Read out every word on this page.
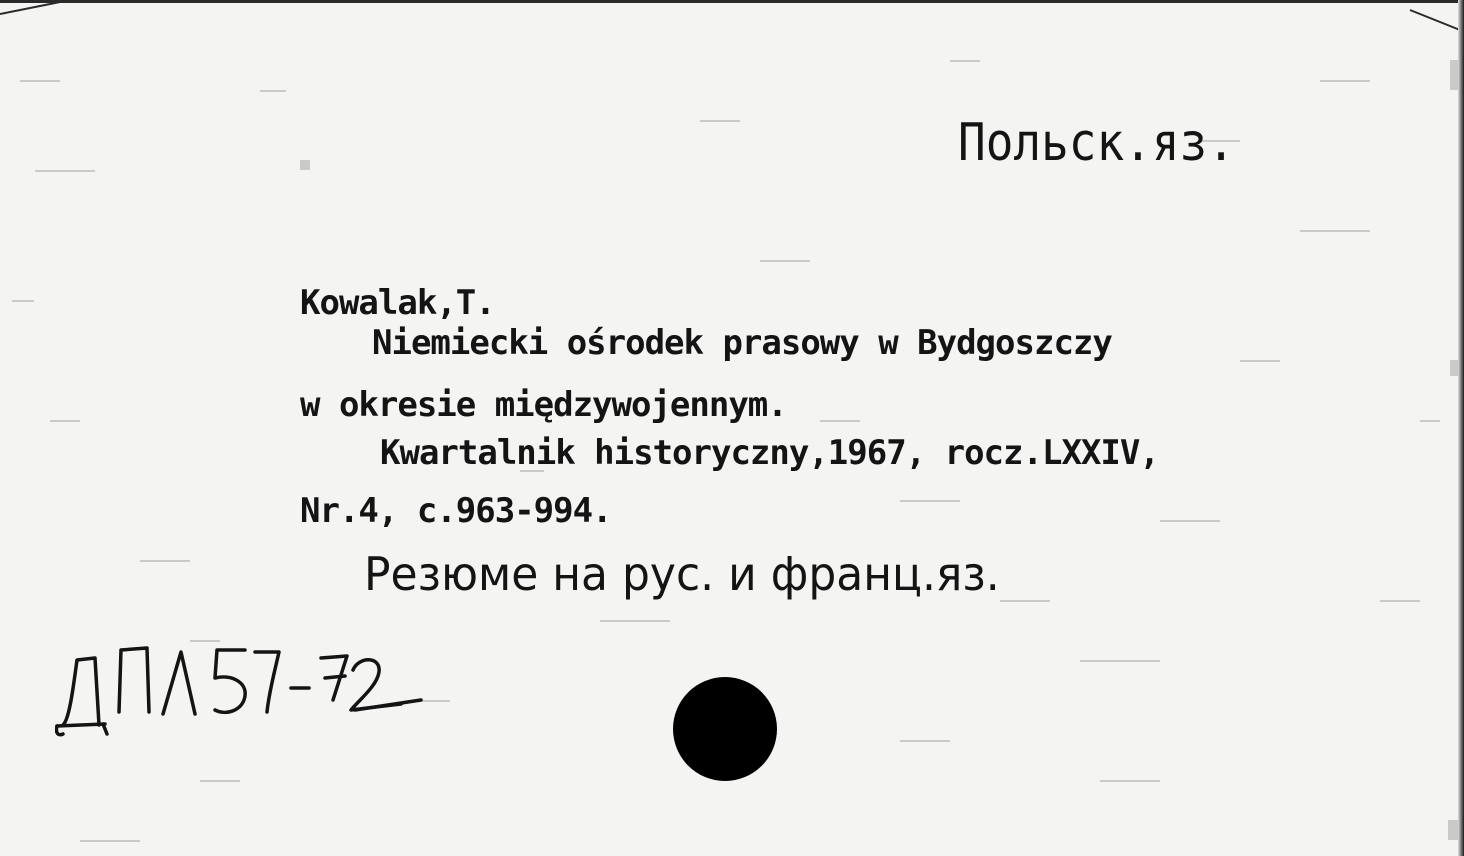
Польск.яз.
Kowalak,T.
Niemiecki ośrodek prasowy w Bydgoszczy
w okresie międzywojennym.
Kwartalnik historyczny,1967, rocz.LXXIV,
Nr.4, c.963-994.
Резюме на рус. и франц.яз.
